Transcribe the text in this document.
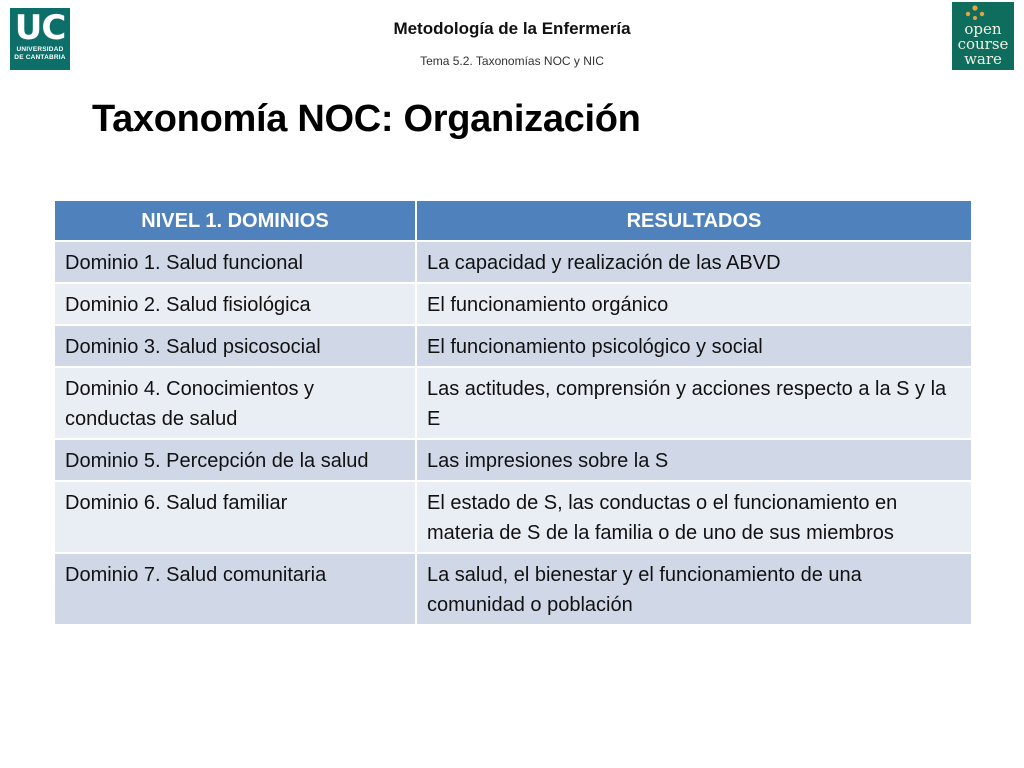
UC
UNIVERSIDAD
DE CANTABRIA
Metodología de la Enfermería
Tema 5.2. Taxonomías NOC y NIC
open
course
ware
Taxonomía NOC: Organización
NIVEL 1. DOMINIOS	RESULTADOS
Dominio 1. Salud funcional	La capacidad y realización de las ABVD
Dominio 2. Salud fisiológica	El funcionamiento orgánico
Dominio 3. Salud psicosocial	El funcionamiento psicológico y social
Dominio 4. Conocimientos y conductas de salud	Las actitudes, comprensión y acciones respecto a la S y la E
Dominio 5. Percepción de la salud	Las impresiones sobre la S
Dominio 6. Salud familiar	El estado de S, las conductas o el funcionamiento en materia de S de la familia o de uno de sus miembros
Dominio 7. Salud comunitaria	La salud, el bienestar y el funcionamiento de una comunidad o población
